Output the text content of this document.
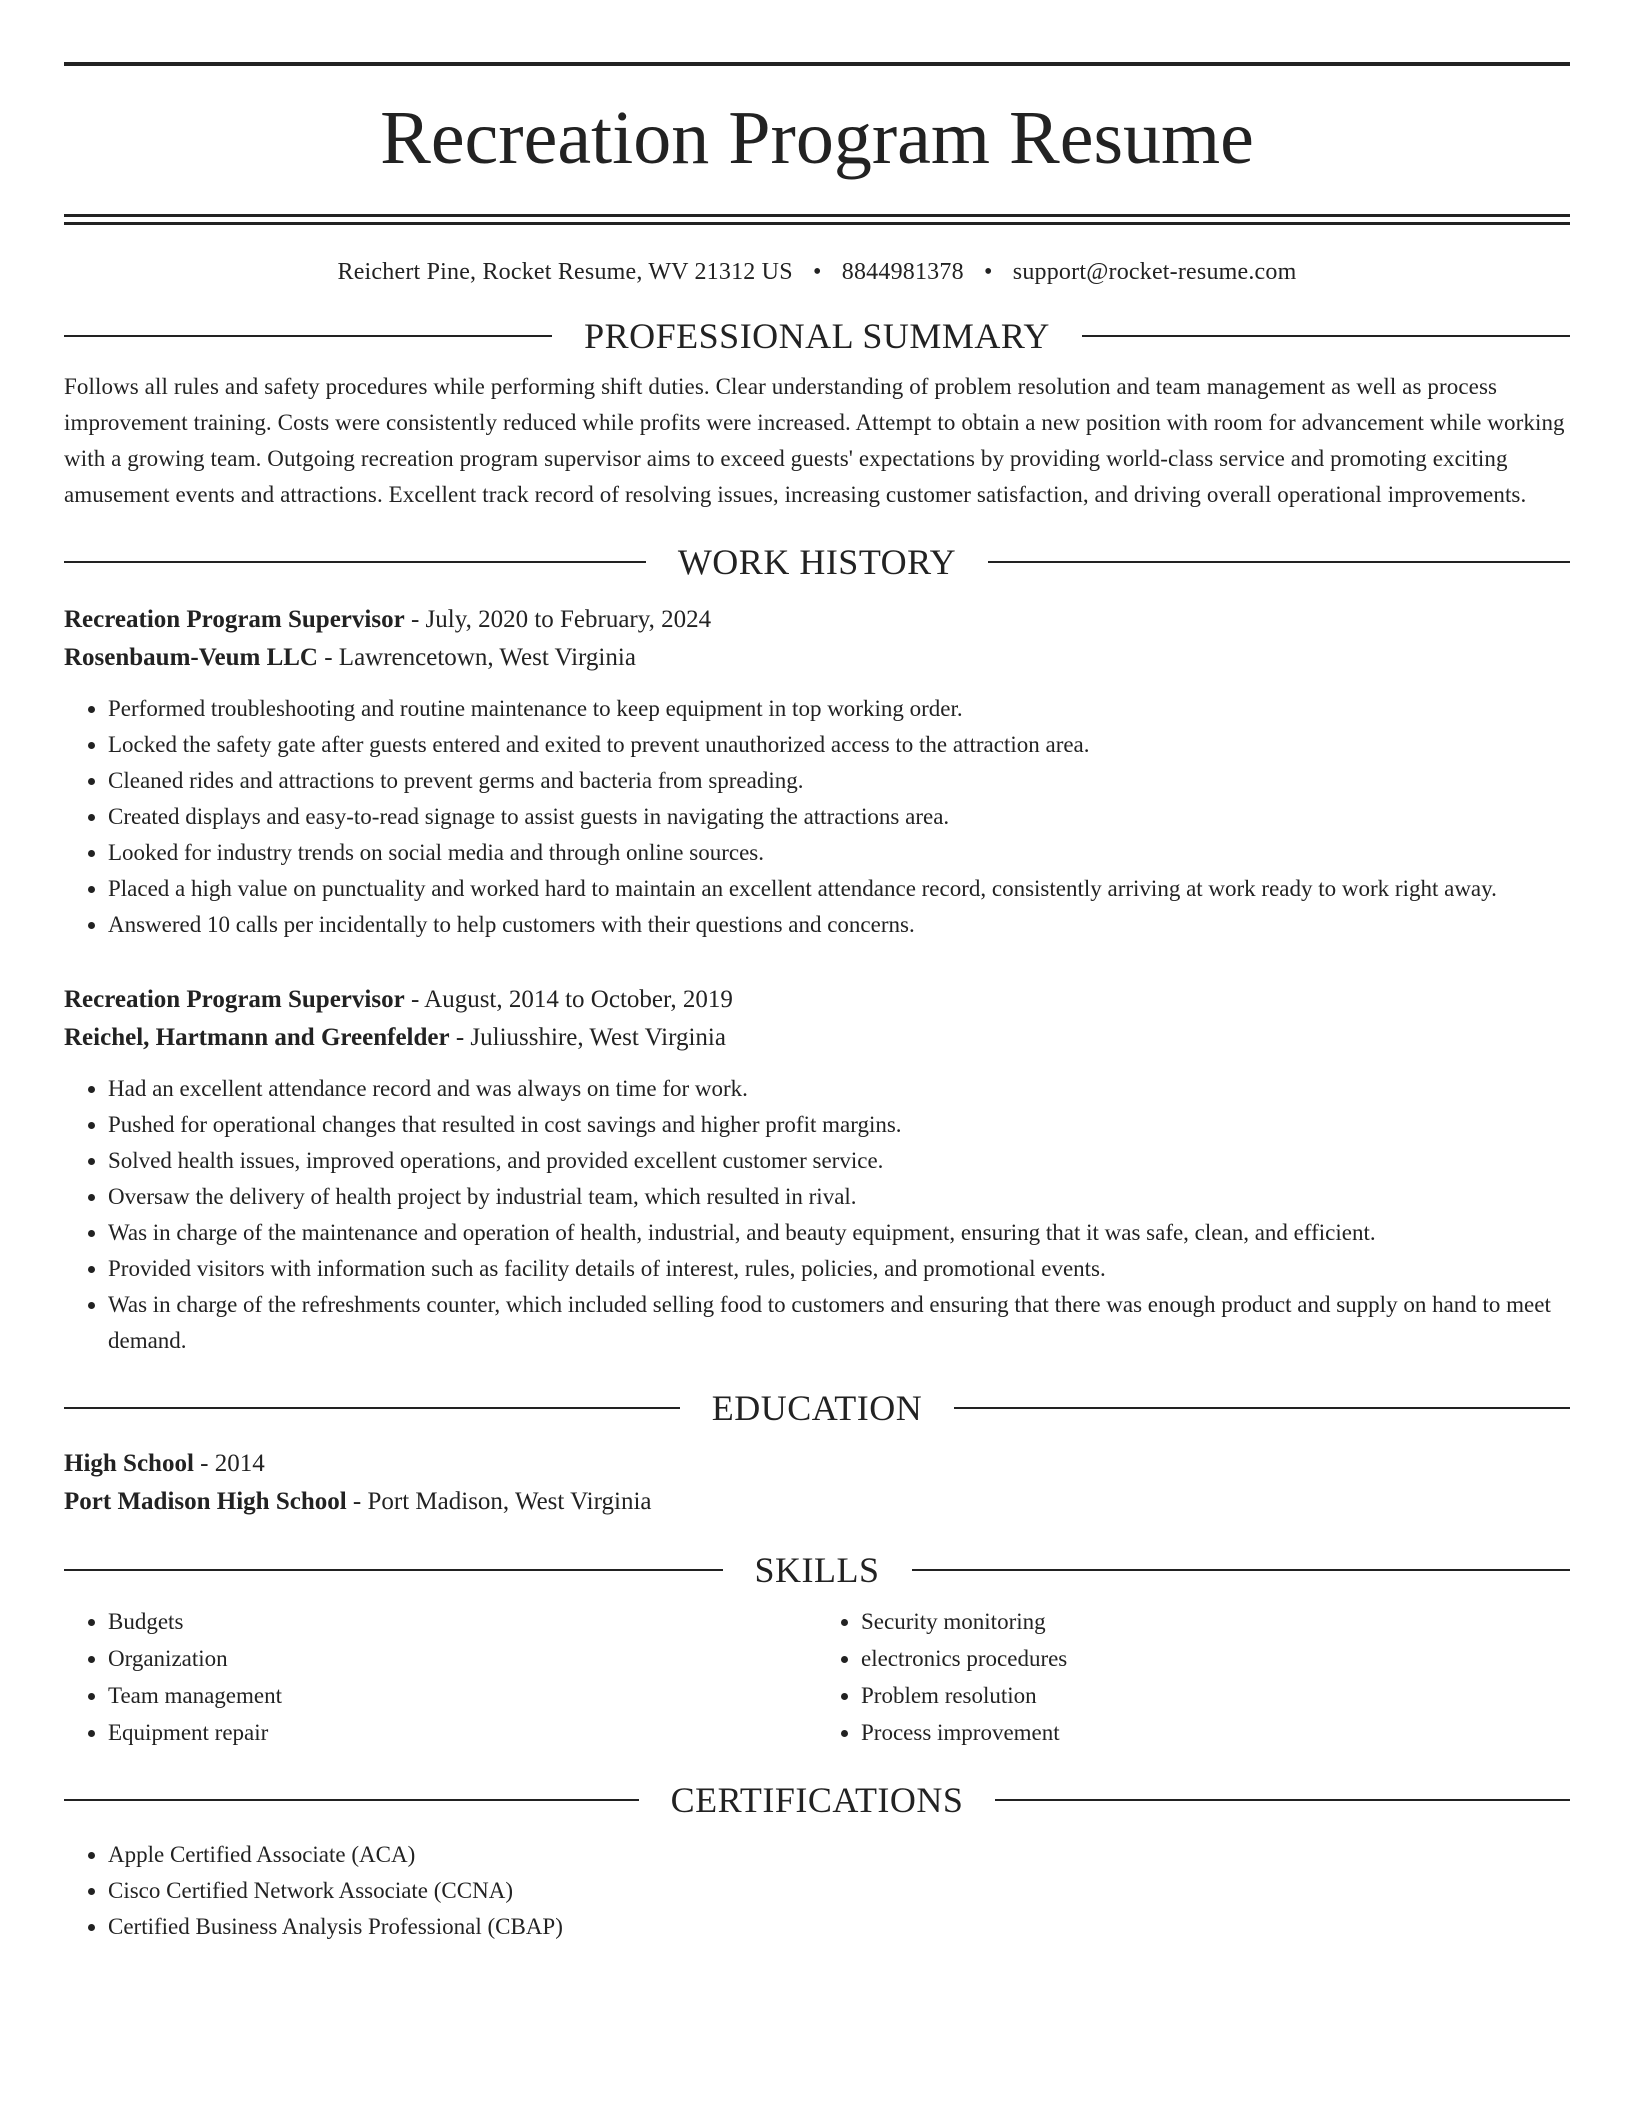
Recreation Program Resume
Reichert Pine, Rocket Resume, WV 21312 US • 8844981378 • support@rocket-resume.com
PROFESSIONAL SUMMARY

Follows all rules and safety procedures while performing shift duties. Clear understanding of problem resolution and team management as well as process improvement training. Costs were consistently reduced while profits were increased. Attempt to obtain a new position with room for advancement while working with a growing team. Outgoing recreation program supervisor aims to exceed guests' expectations by providing world-class service and promoting exciting amusement events and attractions. Excellent track record of resolving issues, increasing customer satisfaction, and driving overall operational improvements.

WORK HISTORY
Recreation Program Supervisor - July, 2020 to February, 2024
Rosenbaum-Veum LLC - Lawrencetown, West Virginia
• Performed troubleshooting and routine maintenance to keep equipment in top working order.
• Locked the safety gate after guests entered and exited to prevent unauthorized access to the attraction area.
• Cleaned rides and attractions to prevent germs and bacteria from spreading.
• Created displays and easy-to-read signage to assist guests in navigating the attractions area.
• Looked for industry trends on social media and through online sources.
• Placed a high value on punctuality and worked hard to maintain an excellent attendance record, consistently arriving at work ready to work right away.
• Answered 10 calls per incidentally to help customers with their questions and concerns.
Recreation Program Supervisor - August, 2014 to October, 2019
Reichel, Hartmann and Greenfelder - Juliusshire, West Virginia
• Had an excellent attendance record and was always on time for work.
• Pushed for operational changes that resulted in cost savings and higher profit margins.
• Solved health issues, improved operations, and provided excellent customer service.
• Oversaw the delivery of health project by industrial team, which resulted in rival.
• Was in charge of the maintenance and operation of health, industrial, and beauty equipment, ensuring that it was safe, clean, and efficient.
• Provided visitors with information such as facility details of interest, rules, policies, and promotional events.
• Was in charge of the refreshments counter, which included selling food to customers and ensuring that there was enough product and supply on hand to meet demand.
EDUCATION
High School - 2014
Port Madison High School - Port Madison, West Virginia
SKILLS
• Budgets
• Organization
• Team management
• Equipment repair
• Security monitoring
• electronics procedures
• Problem resolution
• Process improvement
CERTIFICATIONS
• Apple Certified Associate (ACA)
• Cisco Certified Network Associate (CCNA)
• Certified Business Analysis Professional (CBAP)
